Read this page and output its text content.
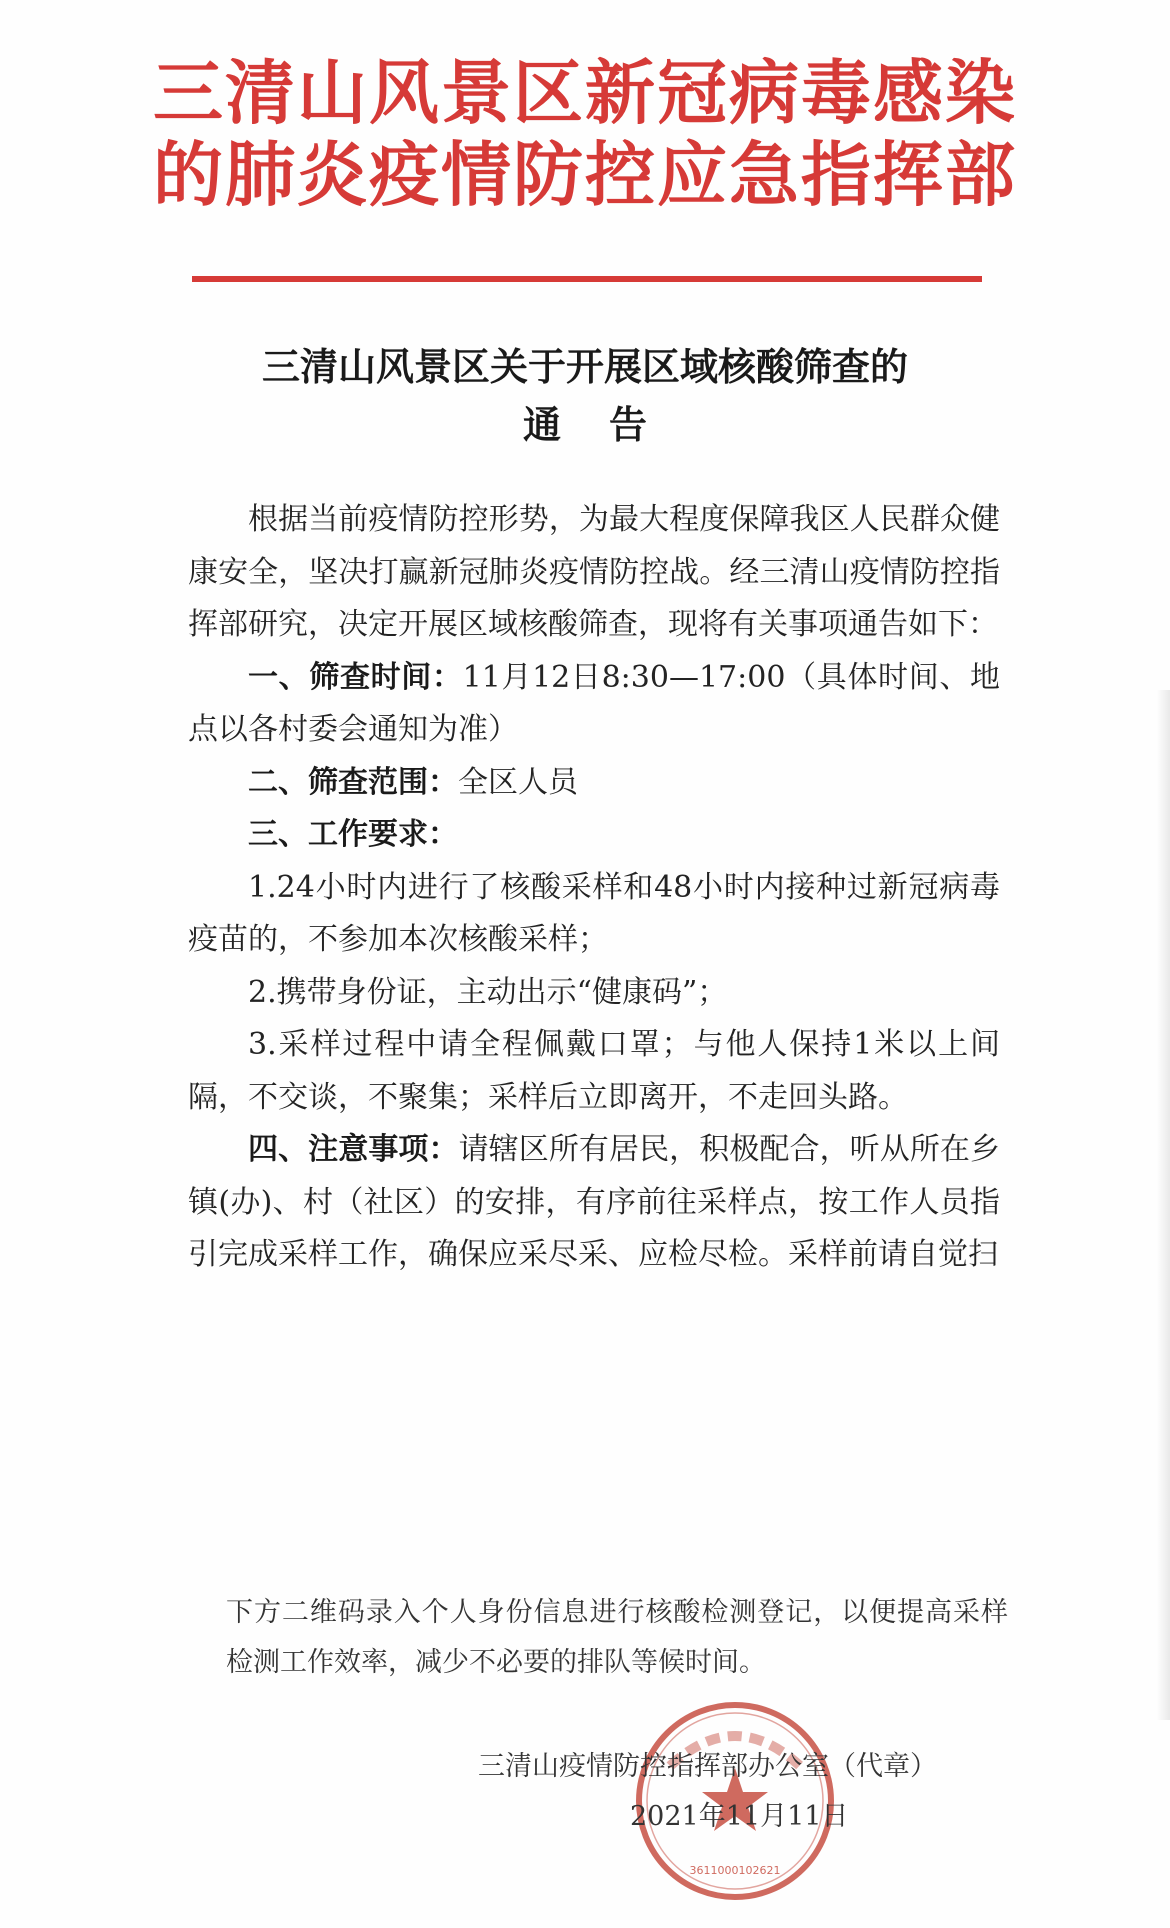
三清山风景区新冠病毒感染
的肺炎疫情防控应急指挥部
三清山风景区关于开展区域核酸筛查的
通告

根据当前疫情防控形势，为最大程度保障我区人民群众健康安全，坚决打赢新冠肺炎疫情防控战。经三清山疫情防控指挥部研究，决定开展区域核酸筛查，现将有关事项通告如下：

一、筛查时间：11月12日8:30—17:00（具体时间、地点以各村委会通知为准）

二、筛查范围：全区人员

三、工作要求：

1.24小时内进行了核酸采样和48小时内接种过新冠病毒疫苗的，不参加本次核酸采样；

2.携带身份证，主动出示“健康码”；

3.采样过程中请全程佩戴口罩；与他人保持1米以上间隔，不交谈，不聚集；采样后立即离开，不走回头路。

四、注意事项：请辖区所有居民，积极配合，听从所在乡镇(办)、村（社区）的安排，有序前往采样点，按工作人员指引完成采样工作，确保应采尽采、应检尽检。采样前请自觉扫

下方二维码录入个人身份信息进行核酸检测登记，以便提高采样检测工作效率，减少不必要的排队等候时间。
3611000102621
三清山疫情防控指挥部办公室（代章）
2021年11月11日
